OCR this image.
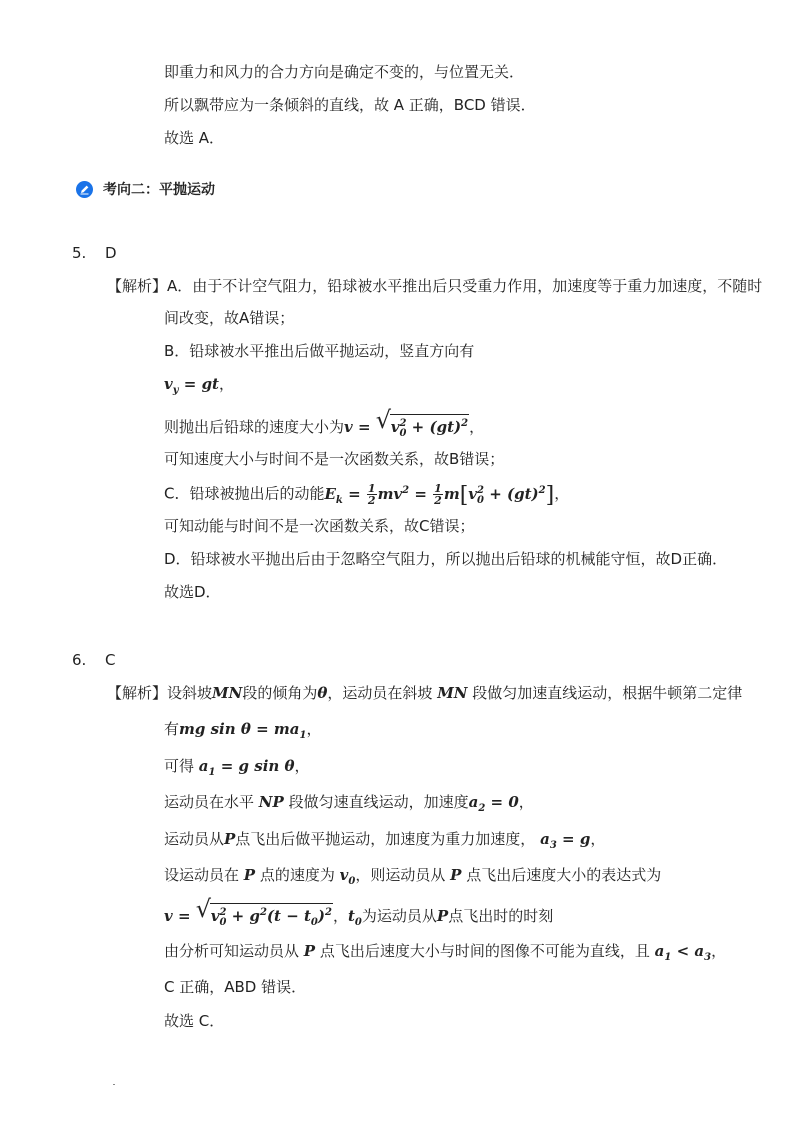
即重力和风力的合力方向是确定不变的，与位置无关．
所以飘带应为一条倾斜的直线，故 A 正确，BCD 错误．
故选 A．
考向二：平抛运动
5. D
【解析】A．由于不计空气阻力，铅球被水平推出后只受重力作用，加速度等于重力加速度，不随时
间改变，故A错误；
B．铅球被水平推出后做平抛运动，竖直方向有
$v_y$ = gt，
则抛出后铅球的速度大小为v = √ $v^2_0 + (gt)^2$，
可知速度大小与时间不是一次函数关系，故B错误；
C．铅球被抛出后的动能$E_k = \frac{1}{2} mv^2 = \frac{1}{2} m[v^2_0 + (gt)^2]$，
可知动能与时间不是一次函数关系，故C错误；
D．铅球被水平抛出后由于忽略空气阻力，所以抛出后铅球的机械能守恒，故D正确．
故选D．
6. C
【解析】设斜坡MN段的倾角为θ，运动员在斜坡 MN 段做匀加速直线运动，根据牛顿第二定律
有mg $\sin \theta = ma_1$，
可得 $a_1 = g$ sin θ，
运动员在水平 NP 段做匀速直线运动，加速度$a_2 = 0$，
运动员从P点飞出后做平抛运动，加速度为重力加速度， $a_3 = g$，
设运动员在 P 点的速度为 $v_0$，则运动员从 P 点飞出后速度大小的表达式为
v = √ $v^2_0 + g^2(t - t_0)^2$，$t_0$为运动员从P点飞出时的时刻
由分析可知运动员从 P 点飞出后速度大小与时间的图像不可能为直线，且 $a_1 < a_3$，
C 正确，ABD 错误．
故选 C．
